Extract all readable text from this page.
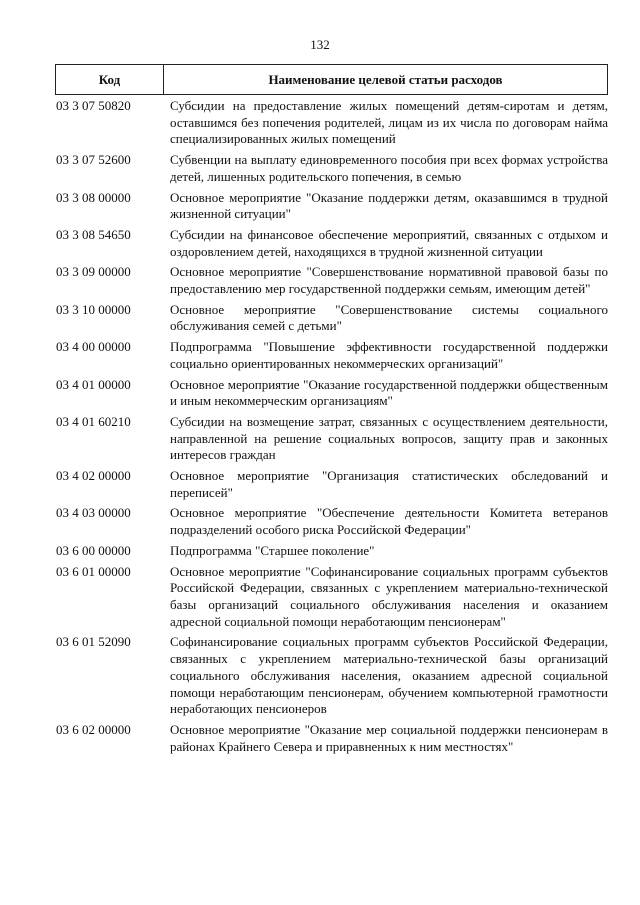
132
Код	Наименование целевой статьи расходов
03 3 07 50820	Субсидии на предоставление жилых помещений детям-сиротам и детям, оставшимся без попечения родителей, лицам из их числа по договорам найма специализированных жилых помещений
03 3 07 52600	Субвенции на выплату единовременного пособия при всех формах устройства детей, лишенных родительского попечения, в семью
03 3 08 00000	Основное мероприятие "Оказание поддержки детям, оказавшимся в трудной жизненной ситуации"
03 3 08 54650	Субсидии на финансовое обеспечение мероприятий, связанных с отдыхом и оздоровлением детей, находящихся в трудной жизненной ситуации
03 3 09 00000	Основное мероприятие "Совершенствование нормативной правовой базы по предоставлению мер государственной поддержки семьям, имеющим детей"
03 3 10 00000	Основное мероприятие "Совершенствование системы социального обслуживания семей с детьми"
03 4 00 00000	Подпрограмма "Повышение эффективности государственной поддержки социально ориентированных некоммерческих организаций"
03 4 01 00000	Основное мероприятие "Оказание государственной поддержки общественным и иным некоммерческим организациям"
03 4 01 60210	Субсидии на возмещение затрат, связанных с осуществлением деятельности, направленной на решение социальных вопросов, защиту прав и законных интересов граждан
03 4 02 00000	Основное мероприятие "Организация статистических обследований и переписей"
03 4 03 00000	Основное мероприятие "Обеспечение деятельности Комитета ветеранов подразделений особого риска Российской Федерации"
03 6 00 00000	Подпрограмма "Старшее поколение"
03 6 01 00000	Основное мероприятие "Софинансирование социальных программ субъектов Российской Федерации, связанных с укреплением материально-технической базы организаций социального обслуживания населения и оказанием адресной социальной помощи неработающим пенсионерам"
03 6 01 52090	Софинансирование социальных программ субъектов Российской Федерации, связанных с укреплением материально-технической базы организаций социального обслуживания населения, оказанием адресной социальной помощи неработающим пенсионерам, обучением компьютерной грамотности неработающих пенсионеров
03 6 02 00000	Основное мероприятие "Оказание мер социальной поддержки пенсионерам в районах Крайнего Севера и приравненных к ним местностях"
